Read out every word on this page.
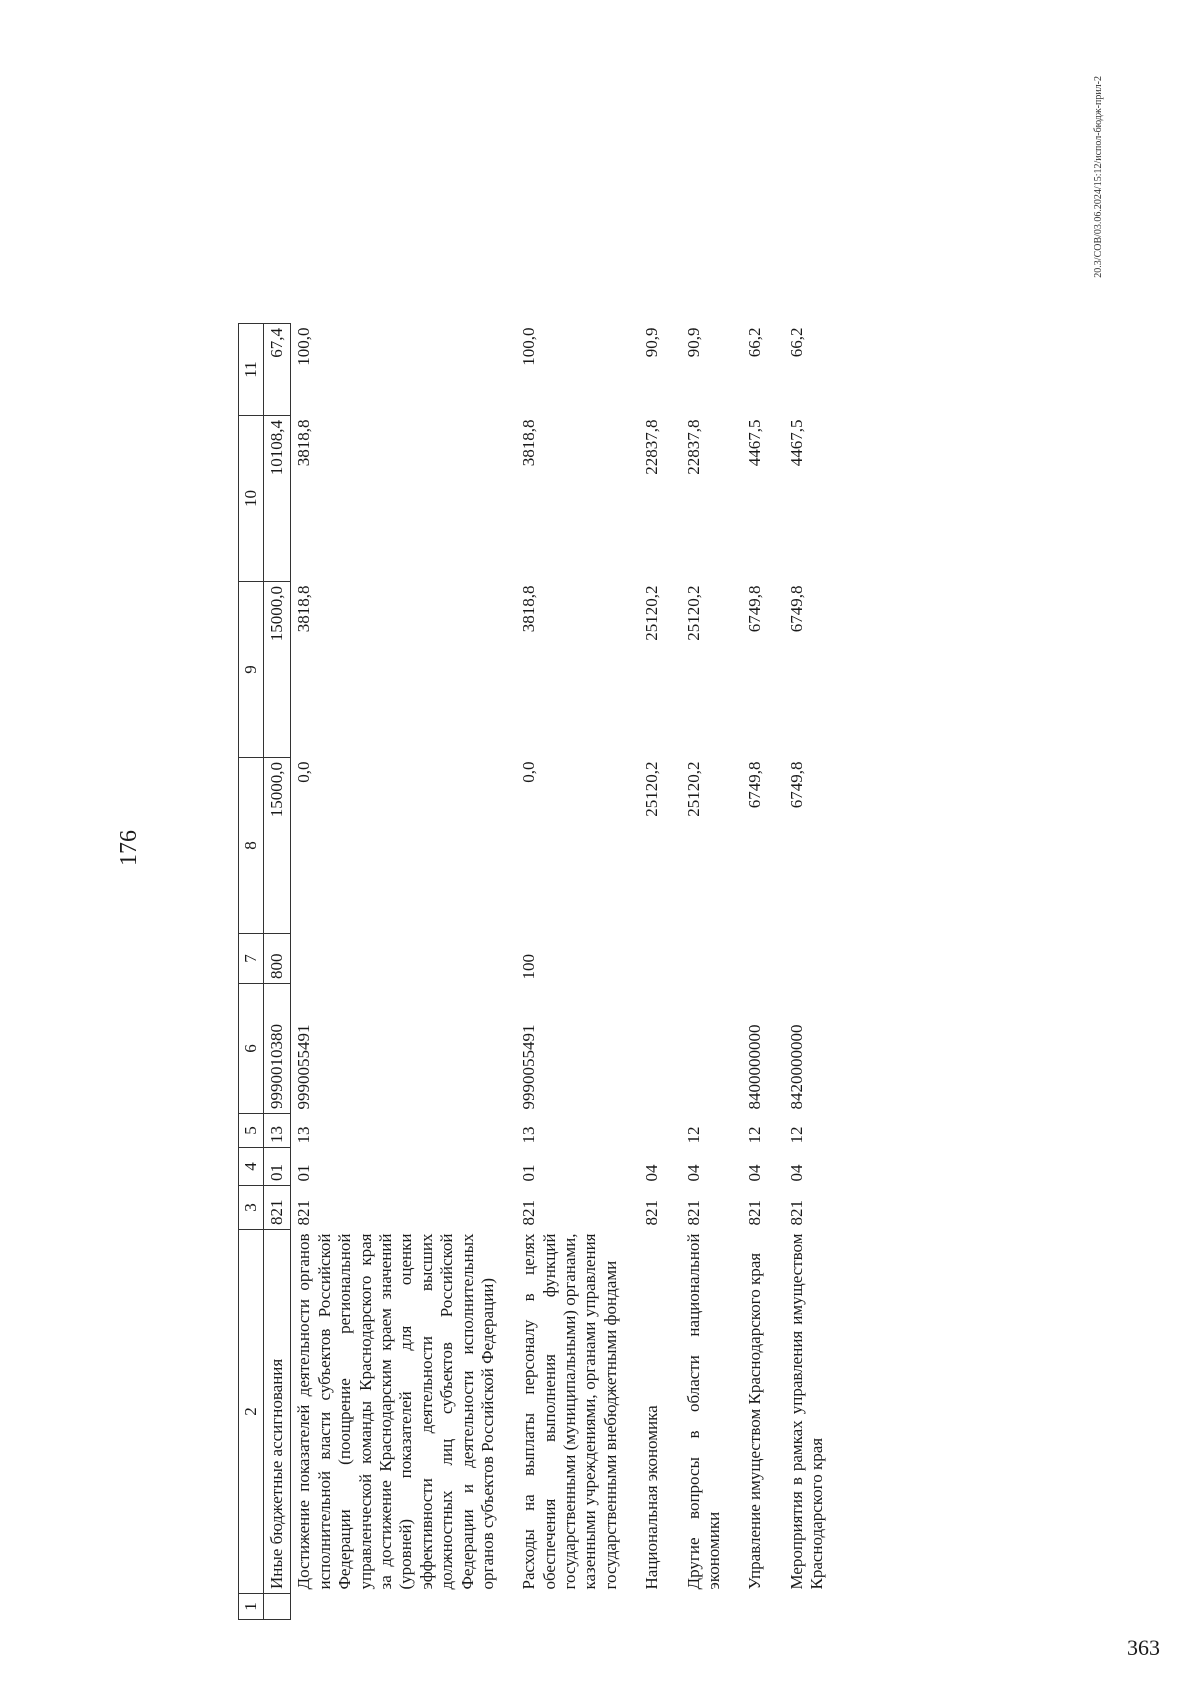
176
1	2	3	4	5	6	7	8	9	10	11
	Иные бюджетные ассигнования	821	01	13	9990010380	800	15000,0	15000,0	10108,4	67,4
	Достижение показателей деятельности органов исполнительной власти субъектов Российской Федерации (поощрение региональной управленческой команды Краснодарского края за достижение Краснодарским краем значений (уровней) показателей для оценки эффективности деятельности высших должностных лиц субъектов Российской Федерации и деятельности исполнительных органов субъектов Российской Федерации)	821	01	13	9990055491		0,0	3818,8	3818,8	100,0
	Расходы на выплаты персоналу в целях обеспечения выполнения функций государственными (муниципальными) органами, казенными учреждениями, органами управления государственными внебюджетными фондами	821	01	13	9990055491	100	0,0	3818,8	3818,8	100,0
	Национальная экономика	821	04				25120,2	25120,2	22837,8	90,9
	Другие вопросы в области национальной экономики	821	04	12			25120,2	25120,2	22837,8	90,9
	Управление имуществом Краснодарского края	821	04	12	8400000000		6749,8	6749,8	4467,5	66,2
	Мероприятия в рамках управления имуществом Краснодарского края	821	04	12	8420000000		6749,8	6749,8	4467,5	66,2
20.3/СОВ/03.06.2024/15:12/испол-бюдж-прил-2
363
